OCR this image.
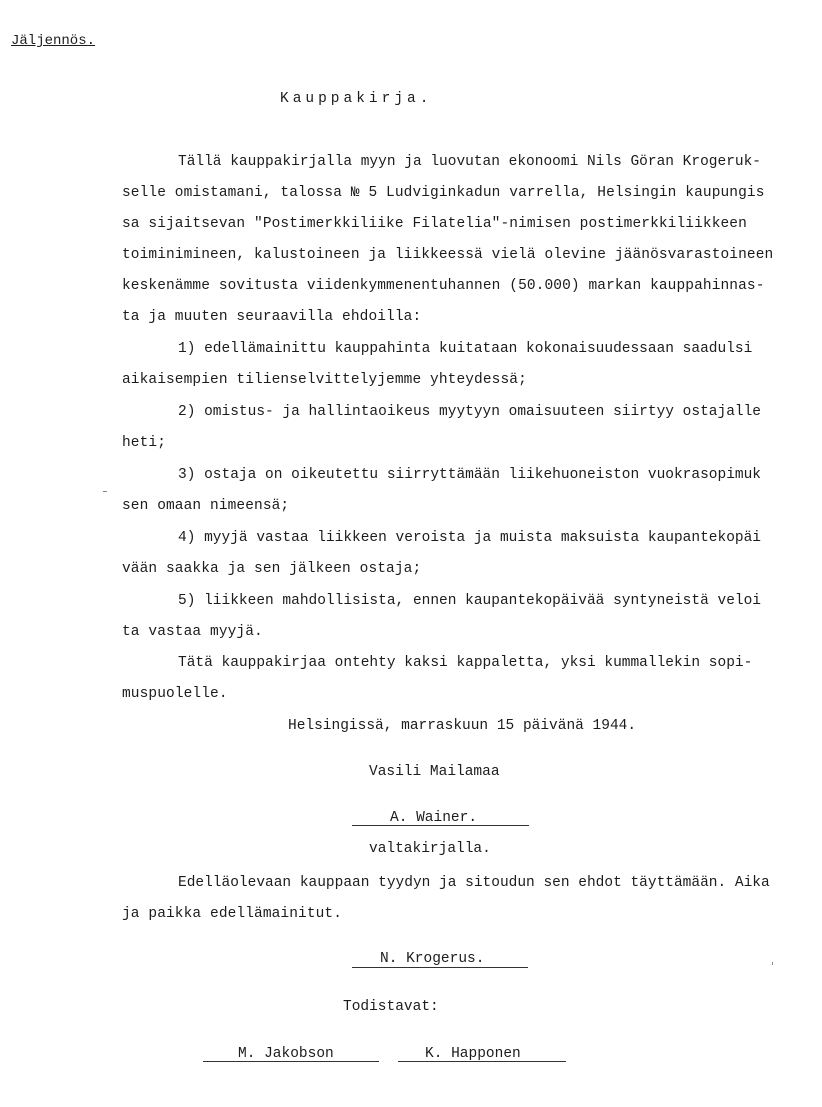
Jäljennös.
Kauppakirja.
Tällä kauppakirjalla myyn ja luovutan ekonoomi Nils Göran Krogeruk-
selle omistamani, talossa № 5 Ludviginkadun varrella, Helsingin kaupungis
sa sijaitsevan "Postimerkkiliike Filatelia"-nimisen postimerkkiliikkeen
toiminimineen, kalustoineen ja liikkeessä vielä olevine jäänösvarastoineen
keskenämme sovitusta viidenkymmenentuhannen (50.000) markan kauppahinnas-
ta ja muuten seuraavilla ehdoilla:
1) edellämainittu kauppahinta kuitataan kokonaisuudessaan saadulsi
aikaisempien tilienselvittelyjemme yhteydessä;
2) omistus- ja hallintaoikeus myytyyn omaisuuteen siirtyy ostajalle
heti;
3) ostaja on oikeutettu siirryttämään liikehuoneiston vuokrasopimuk
sen omaan nimeensä;
4) myyjä vastaa liikkeen veroista ja muista maksuista kaupantekopäi
vään saakka ja sen jälkeen ostaja;
5) liikkeen mahdollisista, ennen kaupantekopäivää syntyneistä veloi
ta vastaa myyjä.
Tätä kauppakirjaa ontehty kaksi kappaletta, yksi kummallekin sopi-
muspuolelle.
Helsingissä, marraskuun 15 päivänä 1944.
Vasili Mailamaa
A. Wainer.
valtakirjalla.
Edelläolevaan kauppaan tyydyn ja sitoudun sen ehdot täyttämään. Aika
ja paikka edellämainitut.
N. Krogerus.
Todistavat:
M. Jakobson	K. Happonen
